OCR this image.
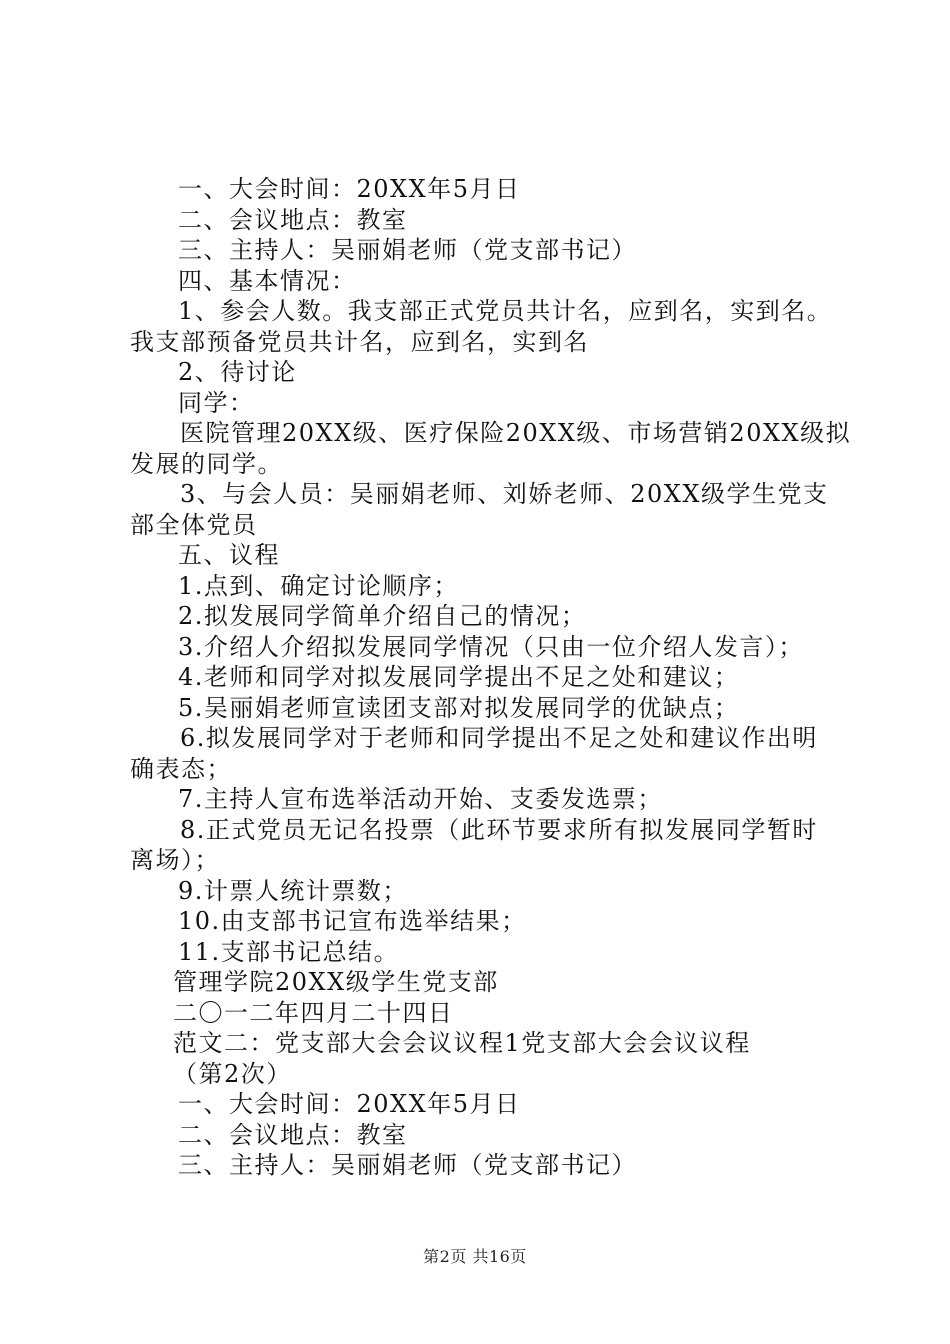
一、大会时间：20XX年5月日
二、会议地点：教室
三、主持人：吴丽娟老师（党支部书记）
四、基本情况：
1、参会人数。我支部正式党员共计名，应到名，实到名。
我支部预备党员共计名，应到名，实到名
2、待讨论
同学：
医院管理20XX级、医疗保险20XX级、市场营销20XX级拟
发展的同学。
3、与会人员：吴丽娟老师、刘娇老师、20XX级学生党支
部全体党员
五、议程
1.点到、确定讨论顺序；
2.拟发展同学简单介绍自己的情况；
3.介绍人介绍拟发展同学情况（只由一位介绍人发言）；
4.老师和同学对拟发展同学提出不足之处和建议；
5.吴丽娟老师宣读团支部对拟发展同学的优缺点；
6.拟发展同学对于老师和同学提出不足之处和建议作出明
确表态；
7.主持人宣布选举活动开始、支委发选票；
8.正式党员无记名投票（此环节要求所有拟发展同学暂时
离场）；
9.计票人统计票数；
10.由支部书记宣布选举结果；
11.支部书记总结。
管理学院20XX级学生党支部
二〇一二年四月二十四日
范文二：党支部大会会议议程1党支部大会会议议程
（第2次）
一、大会时间：20XX年5月日
二、会议地点：教室
三、主持人：吴丽娟老师（党支部书记）
第2页 共16页
